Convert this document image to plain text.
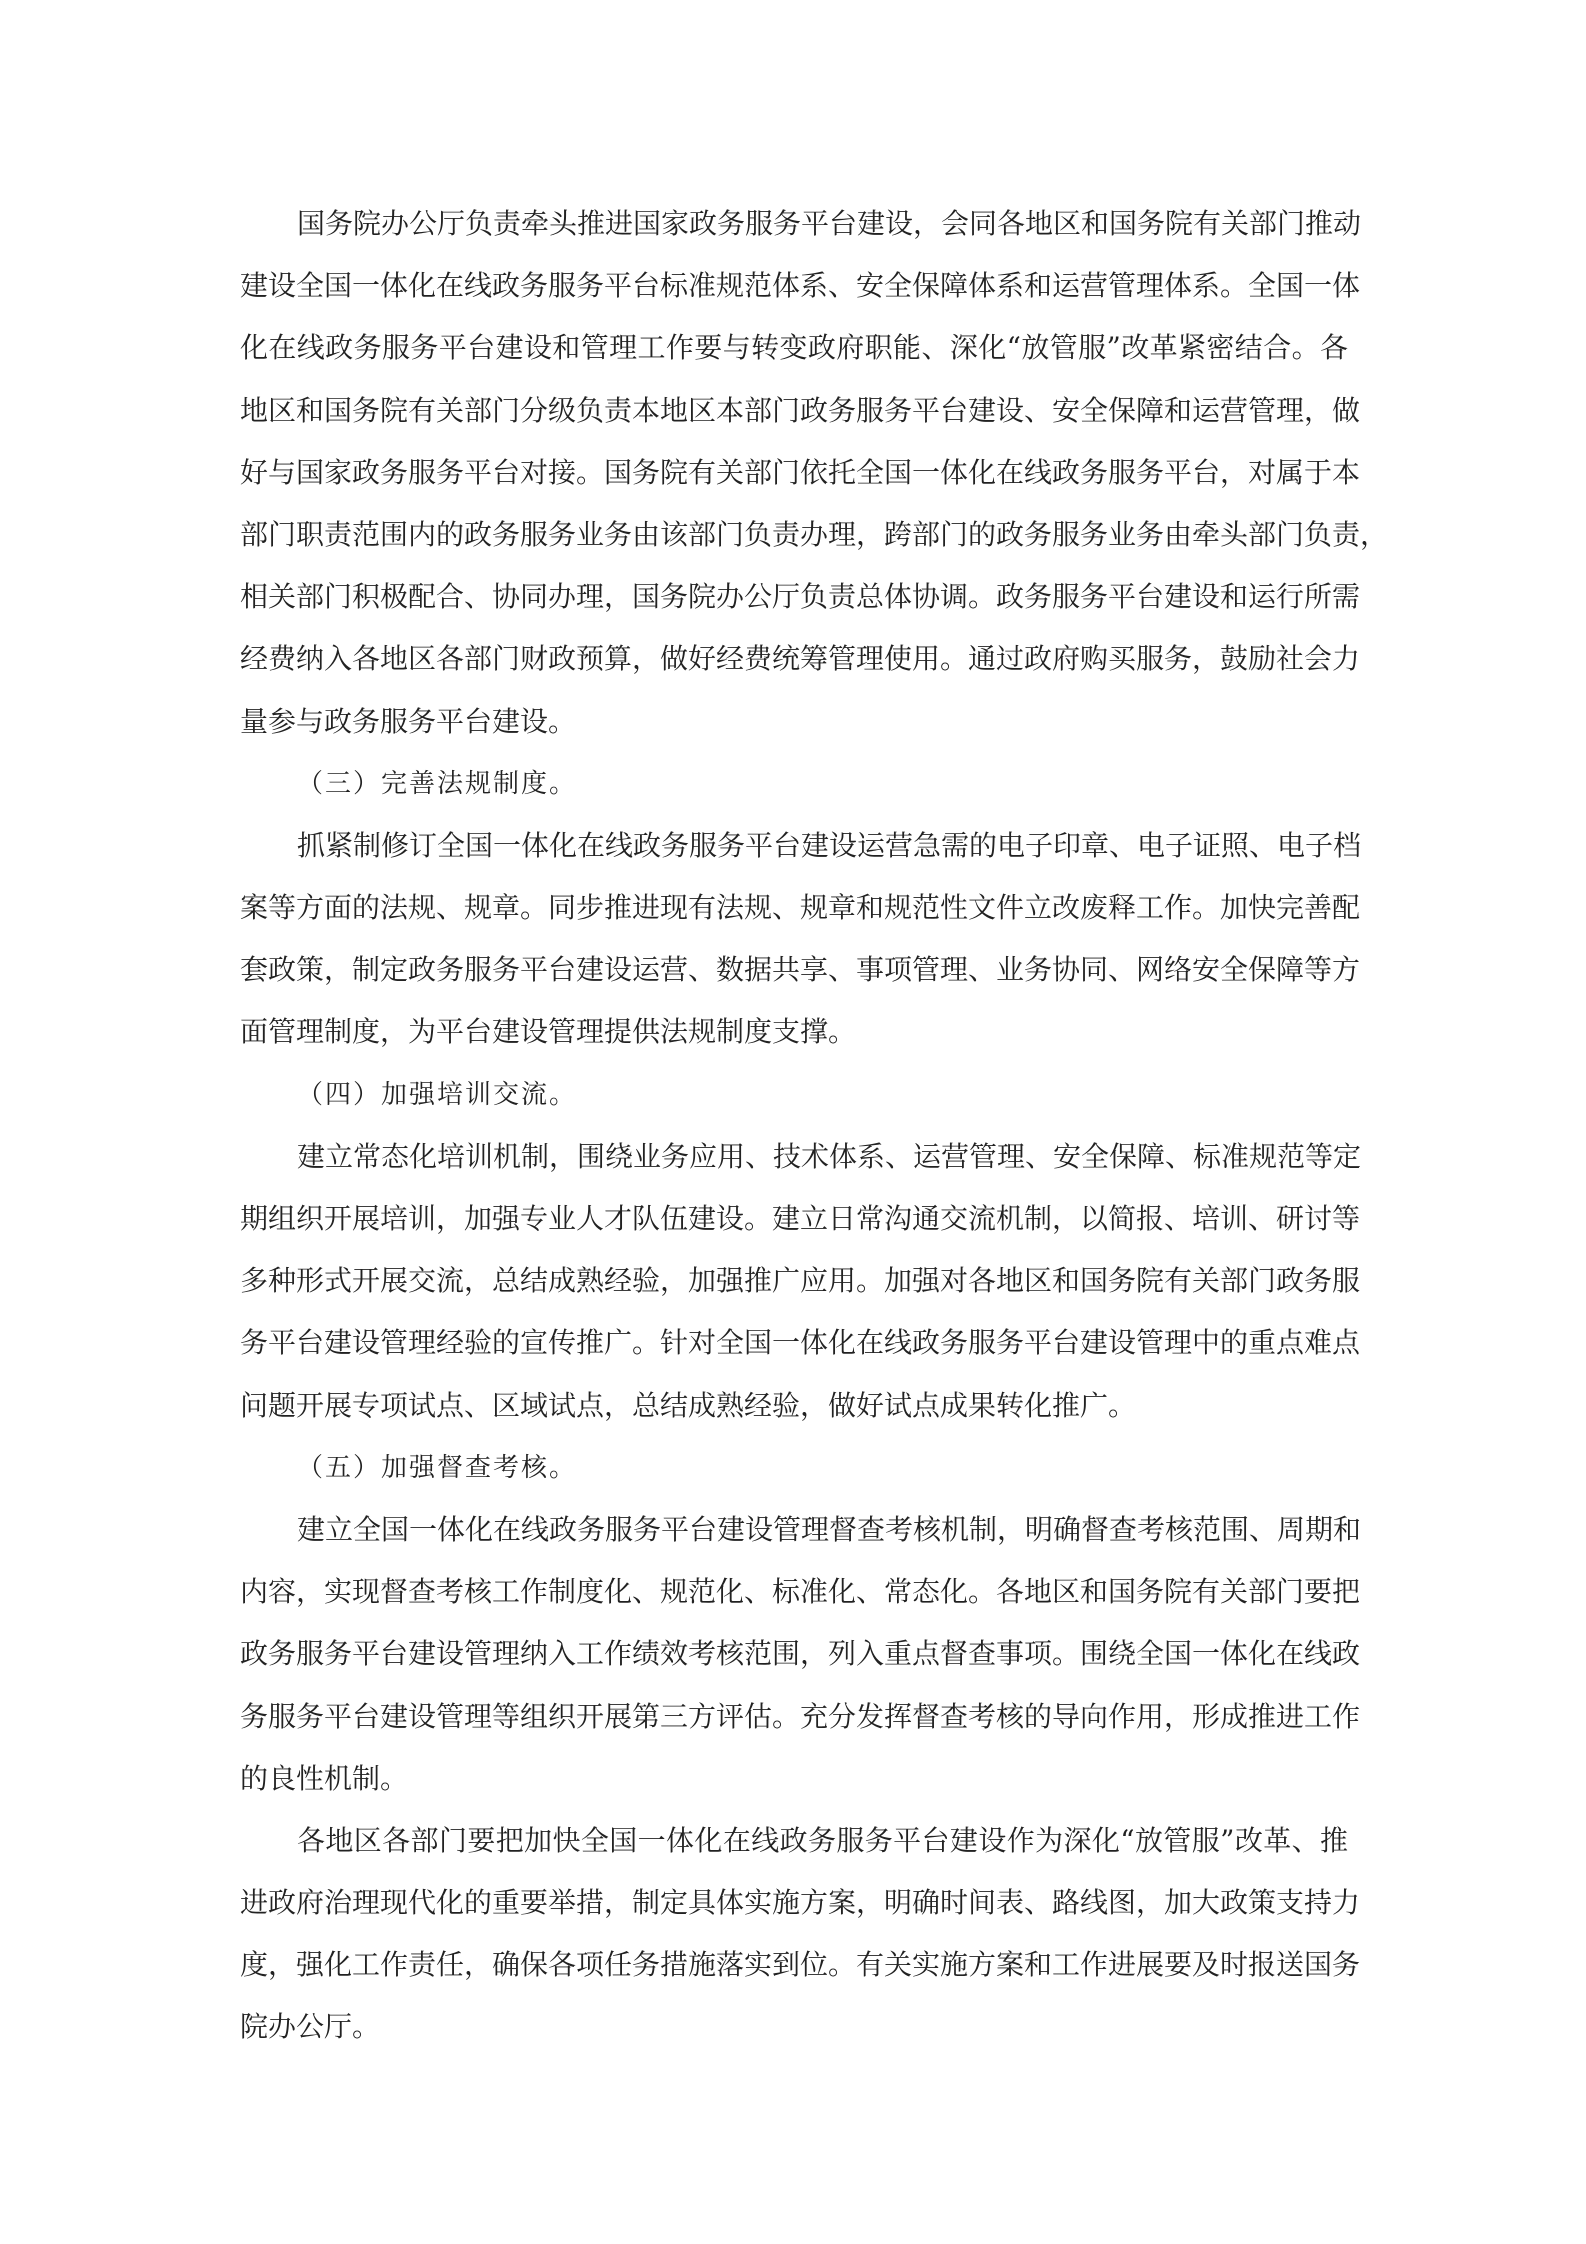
国务院办公厅负责牵头推进国家政务服务平台建设，会同各地区和国务院有关部门推动
建设全国一体化在线政务服务平台标准规范体系、安全保障体系和运营管理体系。全国一体
化在线政务服务平台建设和管理工作要与转变政府职能、深化“放管服”改革紧密结合。各
地区和国务院有关部门分级负责本地区本部门政务服务平台建设、安全保障和运营管理，做
好与国家政务服务平台对接。国务院有关部门依托全国一体化在线政务服务平台，对属于本
部门职责范围内的政务服务业务由该部门负责办理，跨部门的政务服务业务由牵头部门负责，
相关部门积极配合、协同办理，国务院办公厅负责总体协调。政务服务平台建设和运行所需
经费纳入各地区各部门财政预算，做好经费统筹管理使用。通过政府购买服务，鼓励社会力
量参与政务服务平台建设。
（三）完善法规制度。
抓紧制修订全国一体化在线政务服务平台建设运营急需的电子印章、电子证照、电子档
案等方面的法规、规章。同步推进现有法规、规章和规范性文件立改废释工作。加快完善配
套政策，制定政务服务平台建设运营、数据共享、事项管理、业务协同、网络安全保障等方
面管理制度，为平台建设管理提供法规制度支撑。
（四）加强培训交流。
建立常态化培训机制，围绕业务应用、技术体系、运营管理、安全保障、标准规范等定
期组织开展培训，加强专业人才队伍建设。建立日常沟通交流机制，以简报、培训、研讨等
多种形式开展交流，总结成熟经验，加强推广应用。加强对各地区和国务院有关部门政务服
务平台建设管理经验的宣传推广。针对全国一体化在线政务服务平台建设管理中的重点难点
问题开展专项试点、区域试点，总结成熟经验，做好试点成果转化推广。
（五）加强督查考核。
建立全国一体化在线政务服务平台建设管理督查考核机制，明确督查考核范围、周期和
内容，实现督查考核工作制度化、规范化、标准化、常态化。各地区和国务院有关部门要把
政务服务平台建设管理纳入工作绩效考核范围，列入重点督查事项。围绕全国一体化在线政
务服务平台建设管理等组织开展第三方评估。充分发挥督查考核的导向作用，形成推进工作
的良性机制。
各地区各部门要把加快全国一体化在线政务服务平台建设作为深化“放管服”改革、推
进政府治理现代化的重要举措，制定具体实施方案，明确时间表、路线图，加大政策支持力
度，强化工作责任，确保各项任务措施落实到位。有关实施方案和工作进展要及时报送国务
院办公厅。
